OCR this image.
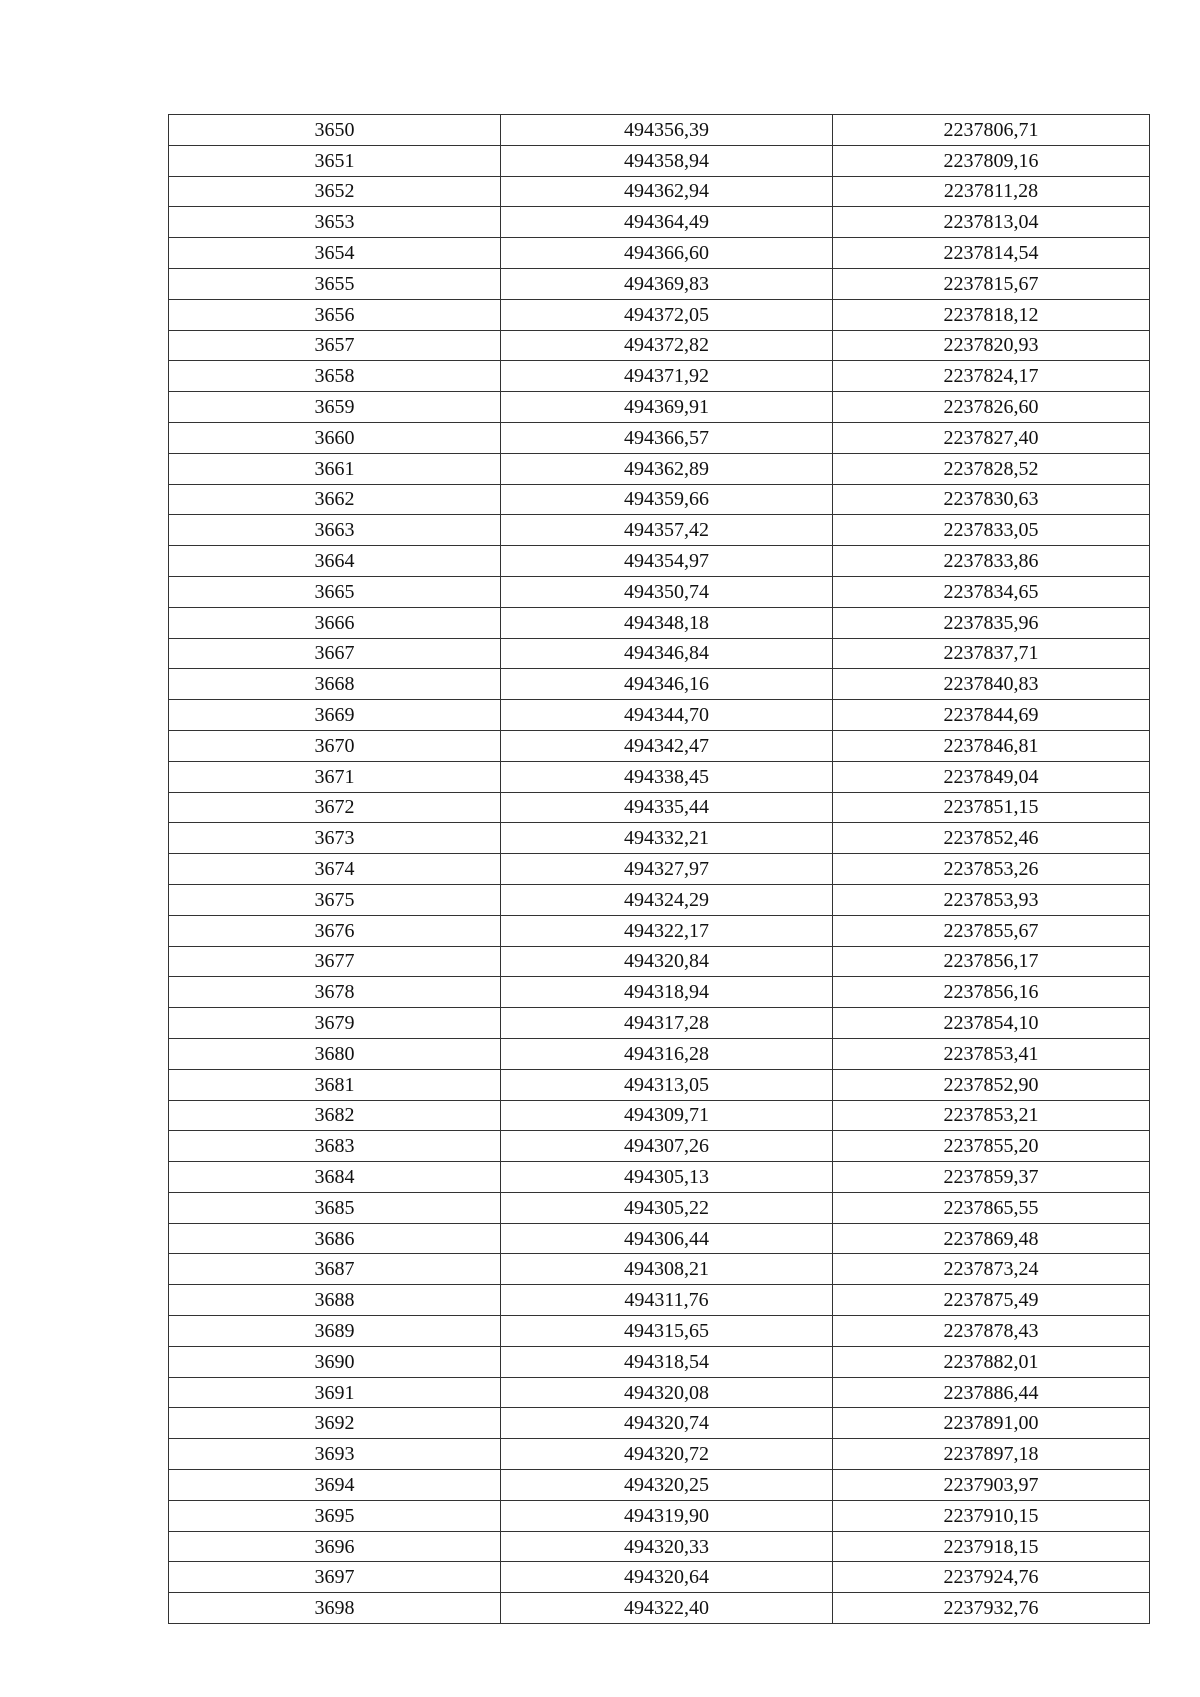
3650	494356,39	2237806,71
3651	494358,94	2237809,16
3652	494362,94	2237811,28
3653	494364,49	2237813,04
3654	494366,60	2237814,54
3655	494369,83	2237815,67
3656	494372,05	2237818,12
3657	494372,82	2237820,93
3658	494371,92	2237824,17
3659	494369,91	2237826,60
3660	494366,57	2237827,40
3661	494362,89	2237828,52
3662	494359,66	2237830,63
3663	494357,42	2237833,05
3664	494354,97	2237833,86
3665	494350,74	2237834,65
3666	494348,18	2237835,96
3667	494346,84	2237837,71
3668	494346,16	2237840,83
3669	494344,70	2237844,69
3670	494342,47	2237846,81
3671	494338,45	2237849,04
3672	494335,44	2237851,15
3673	494332,21	2237852,46
3674	494327,97	2237853,26
3675	494324,29	2237853,93
3676	494322,17	2237855,67
3677	494320,84	2237856,17
3678	494318,94	2237856,16
3679	494317,28	2237854,10
3680	494316,28	2237853,41
3681	494313,05	2237852,90
3682	494309,71	2237853,21
3683	494307,26	2237855,20
3684	494305,13	2237859,37
3685	494305,22	2237865,55
3686	494306,44	2237869,48
3687	494308,21	2237873,24
3688	494311,76	2237875,49
3689	494315,65	2237878,43
3690	494318,54	2237882,01
3691	494320,08	2237886,44
3692	494320,74	2237891,00
3693	494320,72	2237897,18
3694	494320,25	2237903,97
3695	494319,90	2237910,15
3696	494320,33	2237918,15
3697	494320,64	2237924,76
3698	494322,40	2237932,76
